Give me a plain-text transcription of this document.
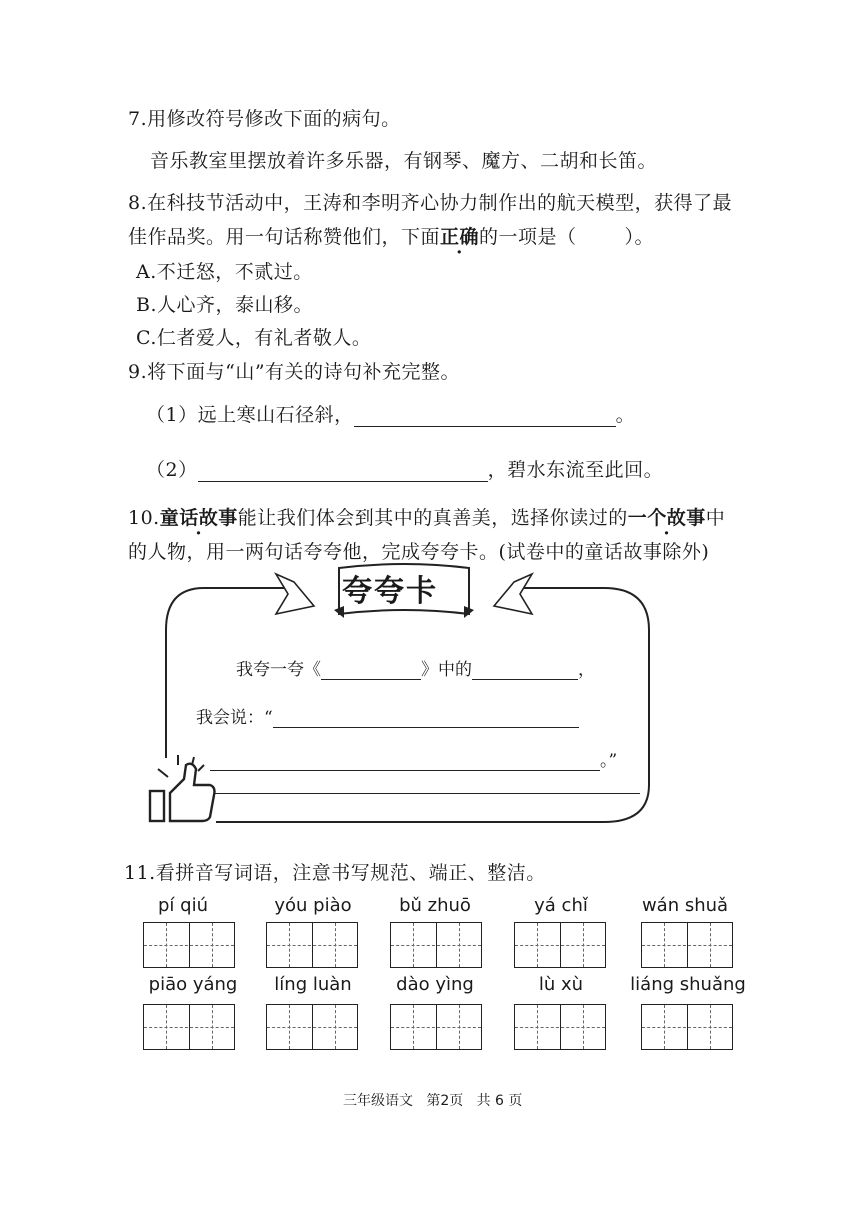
7.用修改符号修改下面的病句。
音乐教室里摆放着许多乐器，有钢琴、魔方、二胡和长笛。
8.在科技节活动中，王涛和李明齐心协力制作出的航天模型，获得了最
佳作品奖。用一句话称赞他们，下面正确的一项是（	）。
A.不迁怒，不贰过。
B.人心齐，泰山移。
C.仁者爱人，有礼者敬人。
9.将下面与“山”有关的诗句补充完整。
（1）远上寒山石径斜，	。
（2）	，碧水东流至此回。
10.童话故事能让我们体会到其中的真善美，选择你读过的一个故事中
的人物，用一两句话夸夸他，完成夸夸卡。(试卷中的童话故事除外)
夸夸卡
我夸一夸《	》中的	，
我会说：“
。”
11.看拼音写词语，注意书写规范、端正、整洁。
pí qiú	yóu piào	bǔ zhuō	yá chǐ	wán shuǎ
piāo yáng	líng luàn	dào yìng	lù xù	liáng shuǎng
三年级语文   第2页   共 6 页
